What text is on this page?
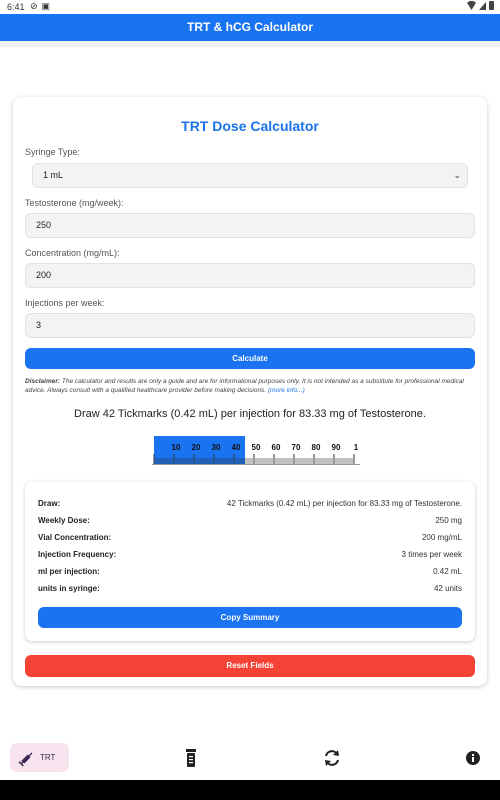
6:41 ⊘ ▣
TRT & hCG Calculator
TRT Dose Calculator
Syringe Type:
1 mL	⌄
Testosterone (mg/week):
250
Concentration (mg/mL):
200
Injections per week:
3
Calculate
Disclaimer: The calculator and results are only a guide and are for informational purposes only. It is not intended as a substitute for professional medical advice. Always consult with a qualified healthcare provider before making decisions. (more info...)
Draw 42 Tickmarks (0.42 mL) per injection for 83.33 mg of Testosterone.
10 20 30 40 50 60 70 80 90 1
Draw:	42 Tickmarks (0.42 mL) per injection for 83.33 mg of Testosterone.
Weekly Dose:	250 mg
Vial Concentration:	200 mg/mL
Injection Frequency:	3 times per week
ml per injection:	0.42 mL
units in syringe:	42 units
Copy Summary
Reset Fields
TRT
